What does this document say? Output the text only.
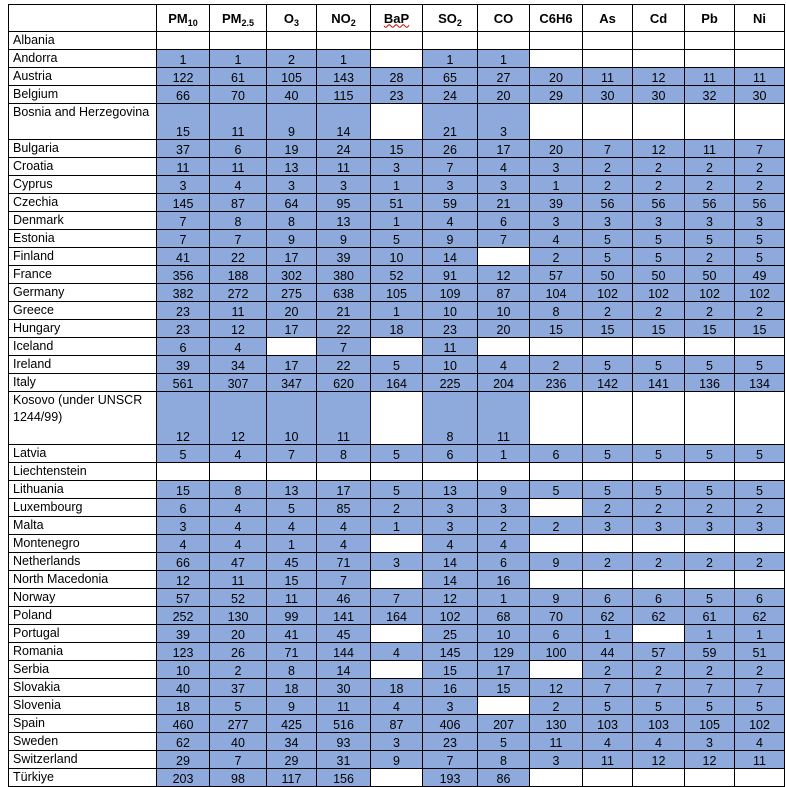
	$PM_{10}$	$PM_{2.5}$	$O_3$	$NO_2$	BaP	$SO_2$	CO	C6H6	As	Cd	Pb	Ni
Albania												
Andorra	1	1	2	1		1	1					
Austria	122	61	105	143	28	65	27	20	11	12	11	11
Belgium	66	70	40	115	23	24	20	29	30	30	32	30
Bosnia and Herzegovina	15	11	9	14		21	3					
Bulgaria	37	6	19	24	15	26	17	20	7	12	11	7
Croatia	11	11	13	11	3	7	4	3	2	2	2	2
Cyprus	3	4	3	3	1	3	3	1	2	2	2	2
Czechia	145	87	64	95	51	59	21	39	56	56	56	56
Denmark	7	8	8	13	1	4	6	3	3	3	3	3
Estonia	7	7	9	9	5	9	7	4	5	5	5	5
Finland	41	22	17	39	10	14		2	5	5	2	5
France	356	188	302	380	52	91	12	57	50	50	50	49
Germany	382	272	275	638	105	109	87	104	102	102	102	102
Greece	23	11	20	21	1	10	10	8	2	2	2	2
Hungary	23	12	17	22	18	23	20	15	15	15	15	15
Iceland	6	4		7		11						
Ireland	39	34	17	22	5	10	4	2	5	5	5	5
Italy	561	307	347	620	164	225	204	236	142	141	136	134
Kosovo (under UNSCR 1244/99)	12	12	10	11		8	11					
Latvia	5	4	7	8	5	6	1	6	5	5	5	5
Liechtenstein												
Lithuania	15	8	13	17	5	13	9	5	5	5	5	5
Luxembourg	6	4	5	85	2	3	3		2	2	2	2
Malta	3	4	4	4	1	3	2	2	3	3	3	3
Montenegro	4	4	1	4		4	4					
Netherlands	66	47	45	71	3	14	6	9	2	2	2	2
North Macedonia	12	11	15	7		14	16					
Norway	57	52	11	46	7	12	1	9	6	6	5	6
Poland	252	130	99	141	164	102	68	70	62	62	61	62
Portugal	39	20	41	45		25	10	6	1		1	1
Romania	123	26	71	144	4	145	129	100	44	57	59	51
Serbia	10	2	8	14		15	17		2	2	2	2
Slovakia	40	37	18	30	18	16	15	12	7	7	7	7
Slovenia	18	5	9	11	4	3		2	5	5	5	5
Spain	460	277	425	516	87	406	207	130	103	103	105	102
Sweden	62	40	34	93	3	23	5	11	4	4	3	4
Switzerland	29	7	29	31	9	7	8	3	11	12	12	11
Türkiye	203	98	117	156		193	86					
